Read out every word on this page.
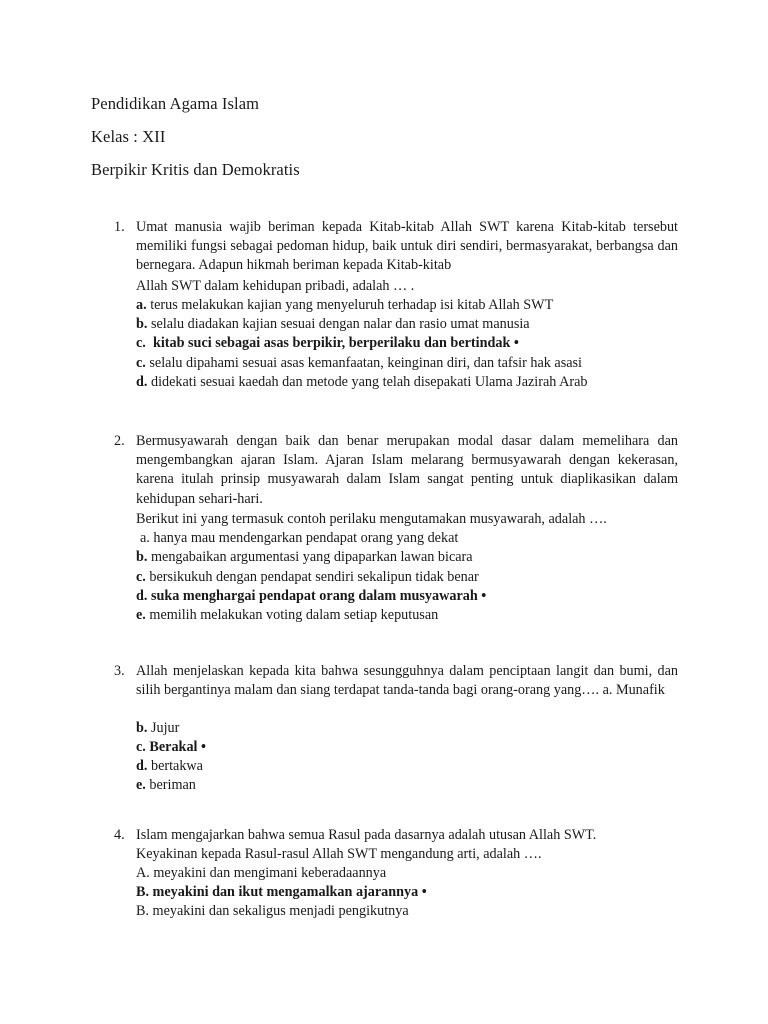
Pendidikan Agama Islam
Kelas : XII
Berpikir Kritis dan Demokratis
1. Umat manusia wajib beriman kepada Kitab-kitab Allah SWT karena Kitab-kitab tersebut memiliki fungsi sebagai pedoman hidup, baik untuk diri sendiri, bermasyarakat, berbangsa dan bernegara. Adapun hikmah beriman kepada Kitab-kitab
Allah SWT dalam kehidupan pribadi, adalah … .
a. terus melakukan kajian yang menyeluruh terhadap isi kitab Allah SWT
b. selalu diadakan kajian sesuai dengan nalar dan rasio umat manusia
c. kitab suci sebagai asas berpikir, berperilaku dan bertindak •
c. selalu dipahami sesuai asas kemanfaatan, keinginan diri, dan tafsir hak asasi
d. didekati sesuai kaedah dan metode yang telah disepakati Ulama Jazirah Arab
2. Bermusyawarah dengan baik dan benar merupakan modal dasar dalam memelihara dan mengembangkan ajaran Islam. Ajaran Islam melarang bermusyawarah dengan kekerasan, karena itulah prinsip musyawarah dalam Islam sangat penting untuk diaplikasikan dalam kehidupan sehari-hari.
Berikut ini yang termasuk contoh perilaku mengutamakan musyawarah, adalah ….
a. hanya mau mendengarkan pendapat orang yang dekat
b. mengabaikan argumentasi yang dipaparkan lawan bicara
c. bersikukuh dengan pendapat sendiri sekalipun tidak benar
d. suka menghargai pendapat orang dalam musyawarah •
e. memilih melakukan voting dalam setiap keputusan
3. Allah menjelaskan kepada kita bahwa sesungguhnya dalam penciptaan langit dan bumi, dan silih bergantinya malam dan siang terdapat tanda-tanda bagi orang-orang yang…. a. Munafik
b. Jujur
c. Berakal •
d. bertakwa
e. beriman
4. Islam mengajarkan bahwa semua Rasul pada dasarnya adalah utusan Allah SWT. Keyakinan kepada Rasul-rasul Allah SWT mengandung arti, adalah ….
A. meyakini dan mengimani keberadaannya
B. meyakini dan ikut mengamalkan ajarannya •
B. meyakini dan sekaligus menjadi pengikutnya
